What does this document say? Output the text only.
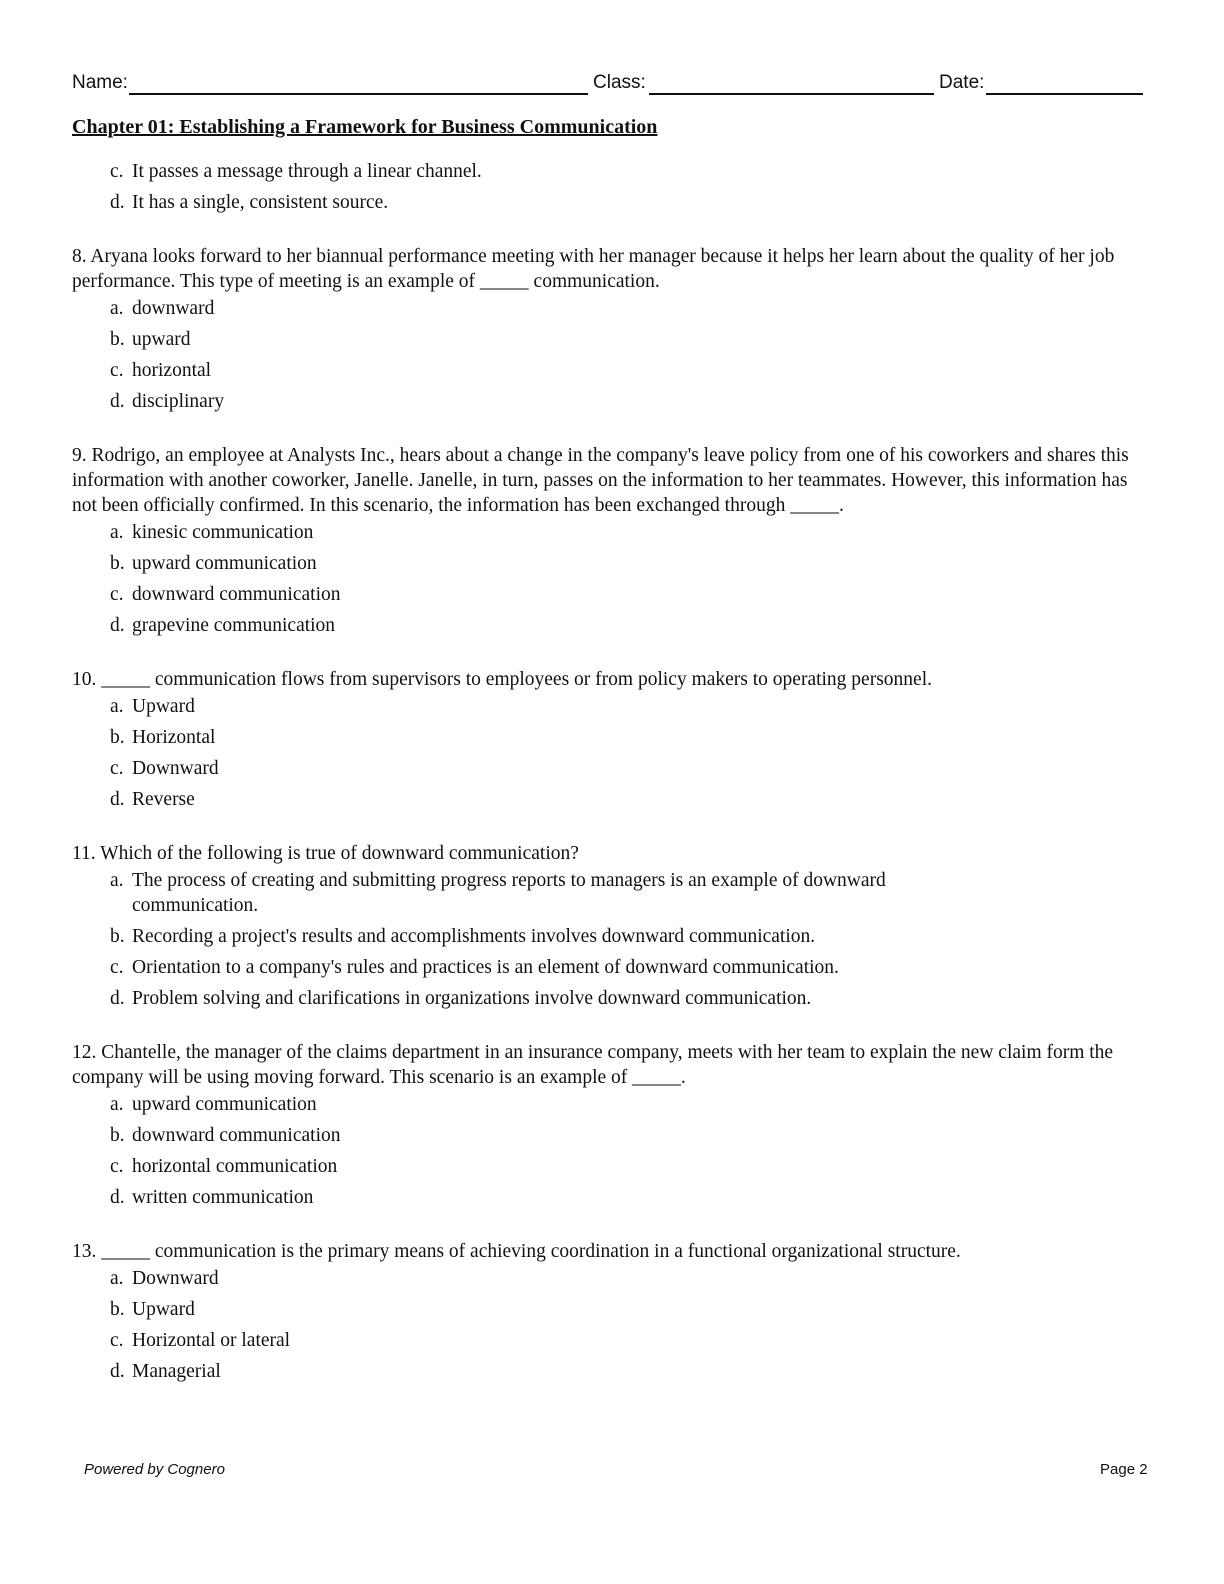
Name:	Class:	Date:
Chapter 01: Establishing a Framework for Business Communication
c. It passes a message through a linear channel.
d. It has a single, consistent source.
8. Aryana looks forward to her biannual performance meeting with her manager because it helps her learn about the quality of her job performance. This type of meeting is an example of _____ communication.
a. downward
b. upward
c. horizontal
d. disciplinary
9. Rodrigo, an employee at Analysts Inc., hears about a change in the company's leave policy from one of his coworkers and shares this information with another coworker, Janelle. Janelle, in turn, passes on the information to her teammates. However, this information has not been officially confirmed. In this scenario, the information has been exchanged through _____.
a. kinesic communication
b. upward communication
c. downward communication
d. grapevine communication
10. _____ communication flows from supervisors to employees or from policy makers to operating personnel.
a. Upward
b. Horizontal
c. Downward
d. Reverse
11. Which of the following is true of downward communication?
a. The process of creating and submitting progress reports to managers is an example of downward communication.
b. Recording a project's results and accomplishments involves downward communication.
c. Orientation to a company's rules and practices is an element of downward communication.
d. Problem solving and clarifications in organizations involve downward communication.
12. Chantelle, the manager of the claims department in an insurance company, meets with her team to explain the new claim form the company will be using moving forward. This scenario is an example of _____.
a. upward communication
b. downward communication
c. horizontal communication
d. written communication
13. _____ communication is the primary means of achieving coordination in a functional organizational structure.
a. Downward
b. Upward
c. Horizontal or lateral
d. Managerial
Powered by Cognero	Page 2
